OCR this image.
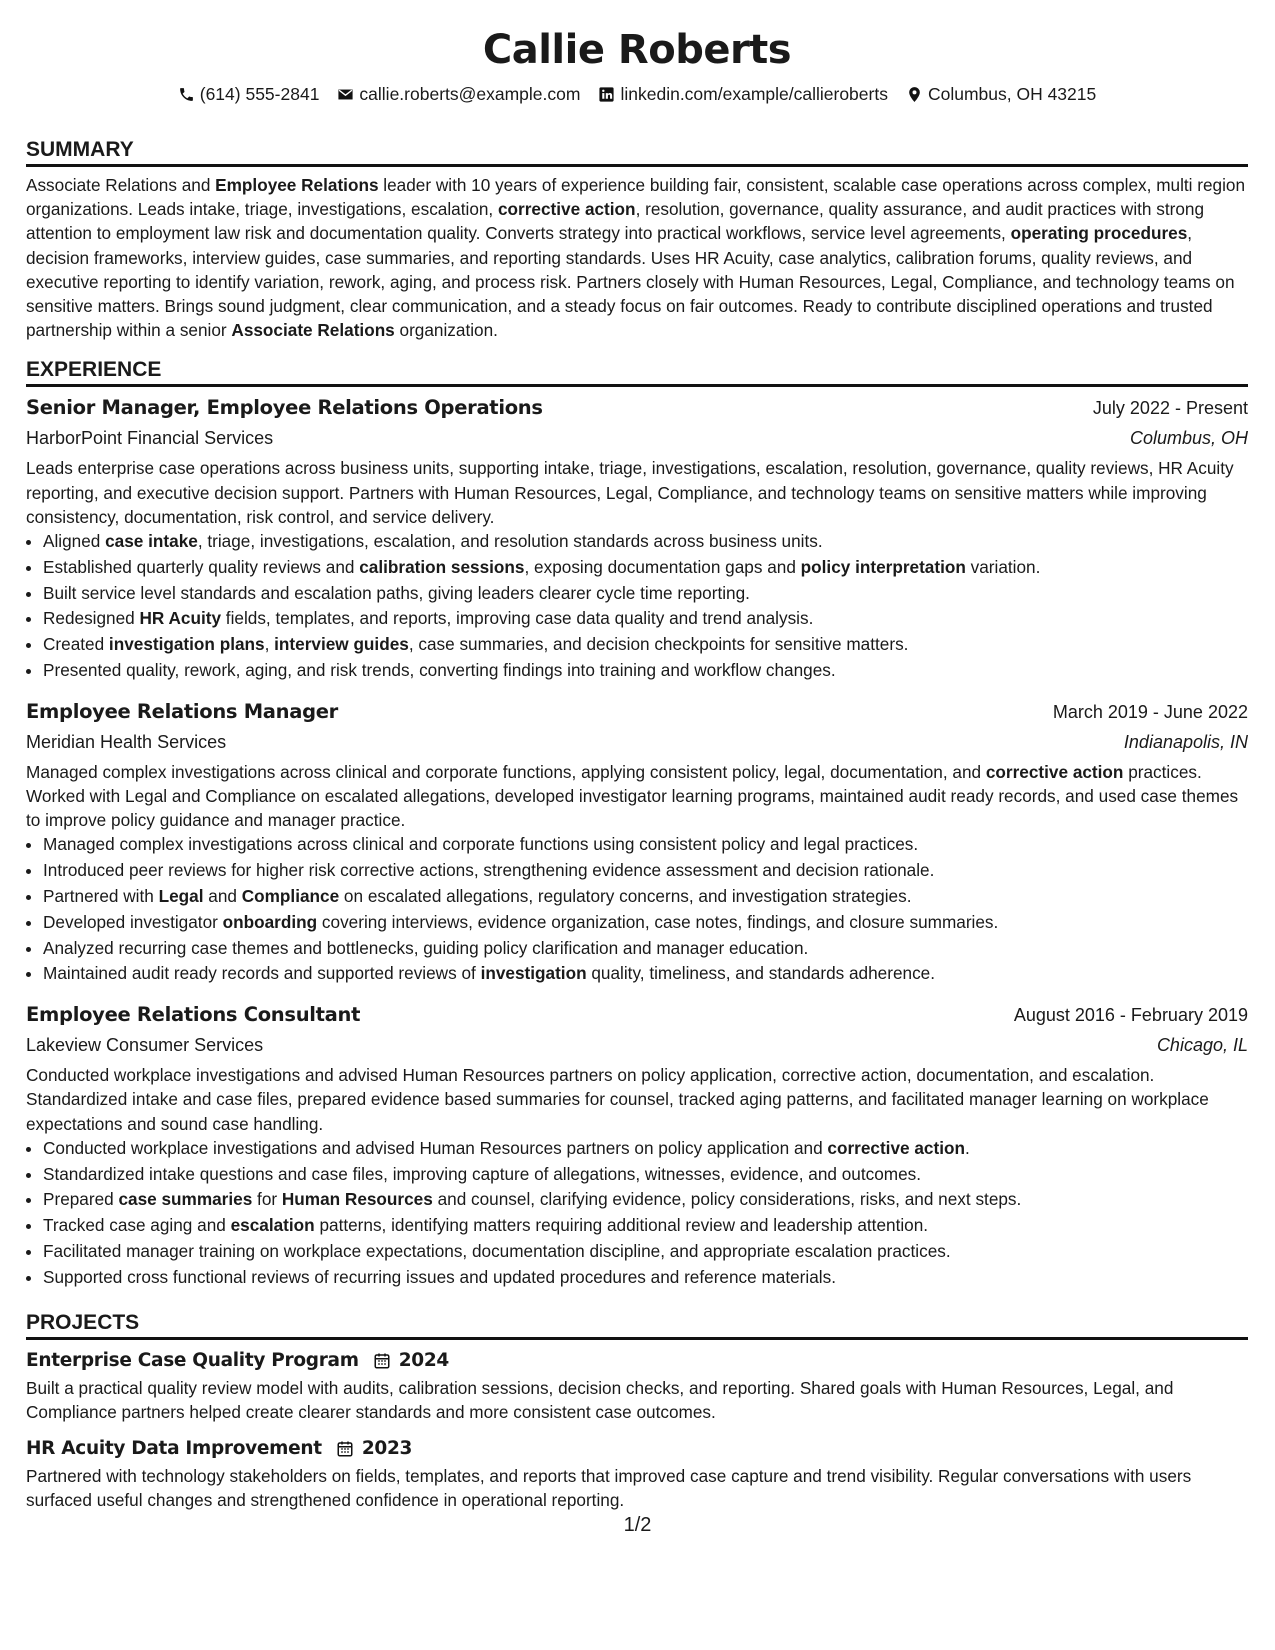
Callie Roberts
(614) 555-2841 callie.roberts@example.com linkedin.com/example/callieroberts Columbus, OH 43215
SUMMARY

Associate Relations and Employee Relations leader with 10 years of experience building fair, consistent, scalable case operations across complex, multi region organizations. Leads intake, triage, investigations, escalation, corrective action, resolution, governance, quality assurance, and audit practices with strong attention to employment law risk and documentation quality. Converts strategy into practical workflows, service level agreements, operating procedures, decision frameworks, interview guides, case summaries, and reporting standards. Uses HR Acuity, case analytics, calibration forums, quality reviews, and executive reporting to identify variation, rework, aging, and process risk. Partners closely with Human Resources, Legal, Compliance, and technology teams on sensitive matters. Brings sound judgment, clear communication, and a steady focus on fair outcomes. Ready to contribute disciplined operations and trusted partnership within a senior Associate Relations organization.

EXPERIENCE
Senior Manager, Employee Relations Operations	July 2022 - Present
HarborPoint Financial Services	Columbus, OH

Leads enterprise case operations across business units, supporting intake, triage, investigations, escalation, resolution, governance, quality reviews, HR Acuity reporting, and executive decision support. Partners with Human Resources, Legal, Compliance, and technology teams on sensitive matters while improving consistency, documentation, risk control, and service delivery.

• Aligned case intake, triage, investigations, escalation, and resolution standards across business units.
• Established quarterly quality reviews and calibration sessions, exposing documentation gaps and policy interpretation variation.
• Built service level standards and escalation paths, giving leaders clearer cycle time reporting.
• Redesigned HR Acuity fields, templates, and reports, improving case data quality and trend analysis.
• Created investigation plans, interview guides, case summaries, and decision checkpoints for sensitive matters.
• Presented quality, rework, aging, and risk trends, converting findings into training and workflow changes.
Employee Relations Manager	March 2019 - June 2022
Meridian Health Services	Indianapolis, IN

Managed complex investigations across clinical and corporate functions, applying consistent policy, legal, documentation, and corrective action practices. Worked with Legal and Compliance on escalated allegations, developed investigator learning programs, maintained audit ready records, and used case themes to improve policy guidance and manager practice.

• Managed complex investigations across clinical and corporate functions using consistent policy and legal practices.
• Introduced peer reviews for higher risk corrective actions, strengthening evidence assessment and decision rationale.
• Partnered with Legal and Compliance on escalated allegations, regulatory concerns, and investigation strategies.
• Developed investigator onboarding covering interviews, evidence organization, case notes, findings, and closure summaries.
• Analyzed recurring case themes and bottlenecks, guiding policy clarification and manager education.
• Maintained audit ready records and supported reviews of investigation quality, timeliness, and standards adherence.
Employee Relations Consultant	August 2016 - February 2019
Lakeview Consumer Services	Chicago, IL

Conducted workplace investigations and advised Human Resources partners on policy application, corrective action, documentation, and escalation. Standardized intake and case files, prepared evidence based summaries for counsel, tracked aging patterns, and facilitated manager learning on workplace expectations and sound case handling.

• Conducted workplace investigations and advised Human Resources partners on policy application and corrective action.
• Standardized intake questions and case files, improving capture of allegations, witnesses, evidence, and outcomes.
• Prepared case summaries for Human Resources and counsel, clarifying evidence, policy considerations, risks, and next steps.
• Tracked case aging and escalation patterns, identifying matters requiring additional review and leadership attention.
• Facilitated manager training on workplace expectations, documentation discipline, and appropriate escalation practices.
• Supported cross functional reviews of recurring issues and updated procedures and reference materials.
PROJECTS
Enterprise Case Quality Program 2024

Built a practical quality review model with audits, calibration sessions, decision checks, and reporting. Shared goals with Human Resources, Legal, and Compliance partners helped create clearer standards and more consistent case outcomes.

HR Acuity Data Improvement 2023

Partnered with technology stakeholders on fields, templates, and reports that improved case capture and trend visibility. Regular conversations with users surfaced useful changes and strengthened confidence in operational reporting.

1/2
